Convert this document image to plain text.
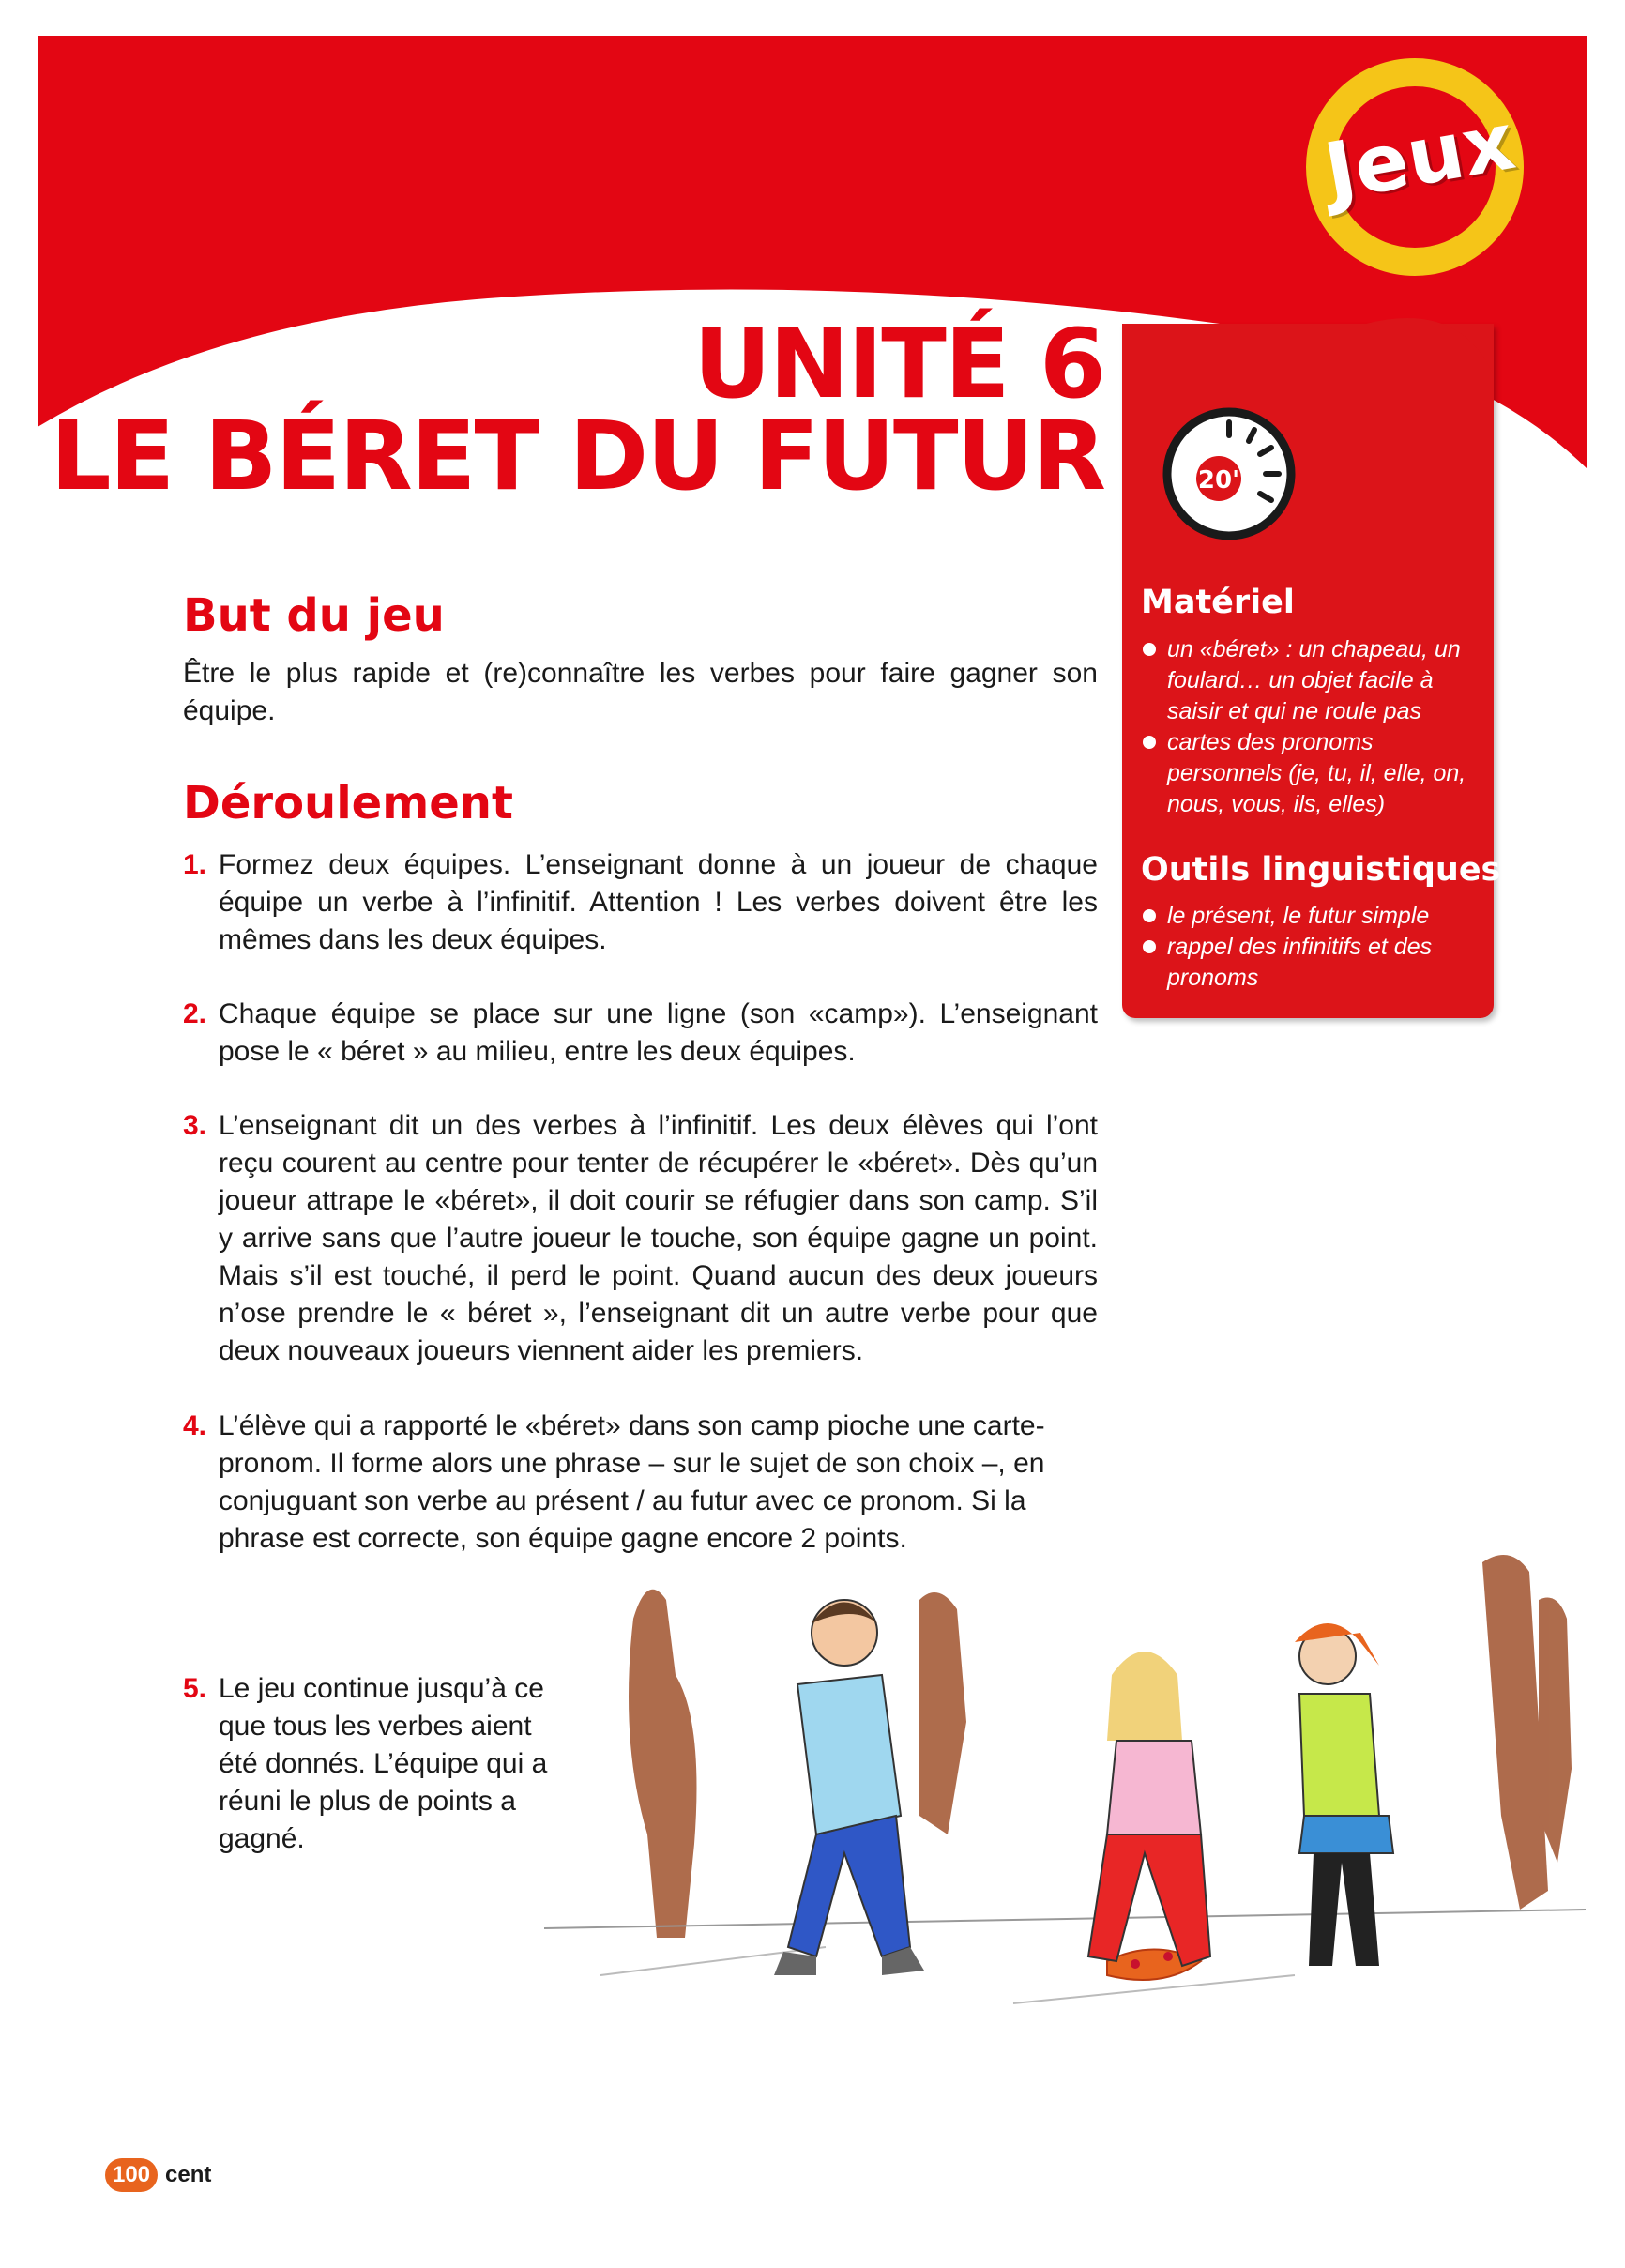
Jeux
UNITÉ 6
LE BÉRET DU FUTUR	20'
Matériel
un «béret» : un chapeau, un foulard… un objet facile à saisir et qui ne roule pas
cartes des pronoms personnels (je, tu, il, elle, on, nous, vous, ils, elles)
Outils linguistiques
le présent, le futur simple
rappel des infinitifs et des pronoms
But du jeu
Être le plus rapide et (re)connaître les verbes pour faire gagner son équipe.
Déroulement
1. Formez deux équipes. L’enseignant donne à un joueur de chaque équipe un verbe à l’infinitif. Attention ! Les verbes doivent être les mêmes dans les deux équipes.
2. Chaque équipe se place sur une ligne (son «camp»). L’enseignant pose le « béret » au milieu, entre les deux équipes.
3. L’enseignant dit un des verbes à l’infinitif. Les deux élèves qui l’ont reçu courent au centre pour tenter de récupérer le «béret». Dès qu’un joueur attrape le «béret», il doit courir se réfugier dans son camp. S’il y arrive sans que l’autre joueur le touche, son équipe gagne un point. Mais s’il est touché, il perd le point. Quand aucun des deux joueurs n’ose prendre le « béret », l’enseignant dit un autre verbe pour que deux nouveaux joueurs viennent aider les premiers.
4. L’élève qui a rapporté le «béret» dans son camp pioche une carte-pronom. Il forme alors une phrase – sur le sujet de son choix –, en conjuguant son verbe au présent / au futur avec ce pronom. Si la phrase est correcte, son équipe gagne encore 2 points.
5. Le jeu continue jusqu’à ce que tous les verbes aient été donnés. L’équipe qui a réuni le plus de points a gagné.
100 cent
